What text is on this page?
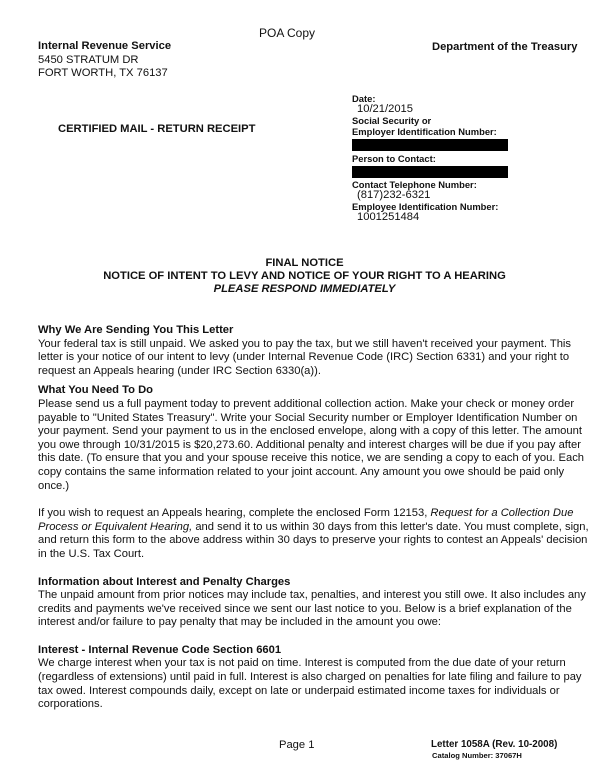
POA Copy
Internal Revenue Service
5450 STRATUM DR
FORT WORTH, TX 76137
Department of the Treasury
CERTIFIED MAIL - RETURN RECEIPT
Date:
10/21/2015
Social Security or
Employer Identification Number:
Person to Contact:
Contact Telephone Number:
(817)232-6321
Employee Identification Number:
1001251484
FINAL NOTICE
NOTICE OF INTENT TO LEVY AND NOTICE OF YOUR RIGHT TO A HEARING
PLEASE RESPOND IMMEDIATELY
Why We Are Sending You This Letter

Your federal tax is still unpaid. We asked you to pay the tax, but we still haven't received your payment. This letter is your notice of our intent to levy (under Internal Revenue Code (IRC) Section 6331) and your right to request an Appeals hearing (under IRC Section 6330(a)).

What You Need To Do

Please send us a full payment today to prevent additional collection action. Make your check or money order payable to "United States Treasury". Write your Social Security number or Employer Identification Number on your payment. Send your payment to us in the enclosed envelope, along with a copy of this letter. The amount you owe through 10/31/2015 is $20,273.60. Additional penalty and interest charges will be due if you pay after this date. (To ensure that you and your spouse receive this notice, we are sending a copy to each of you. Each copy contains the same information related to your joint account. Any amount you owe should be paid only once.)

If you wish to request an Appeals hearing, complete the enclosed Form 12153, Request for a Collection Due Process or Equivalent Hearing, and send it to us within 30 days from this letter's date. You must complete, sign, and return this form to the above address within 30 days to preserve your rights to contest an Appeals' decision in the U.S. Tax Court.

Information about Interest and Penalty Charges

The unpaid amount from prior notices may include tax, penalties, and interest you still owe. It also includes any credits and payments we've received since we sent our last notice to you. Below is a brief explanation of the interest and/or failure to pay penalty that may be included in the amount you owe:

Interest - Internal Revenue Code Section 6601

We charge interest when your tax is not paid on time. Interest is computed from the due date of your return (regardless of extensions) until paid in full. Interest is also charged on penalties for late filing and failure to pay tax owed. Interest compounds daily, except on late or underpaid estimated income taxes for individuals or corporations.

Page 1	Letter 1058A (Rev. 10-2008)
Catalog Number: 37067H
